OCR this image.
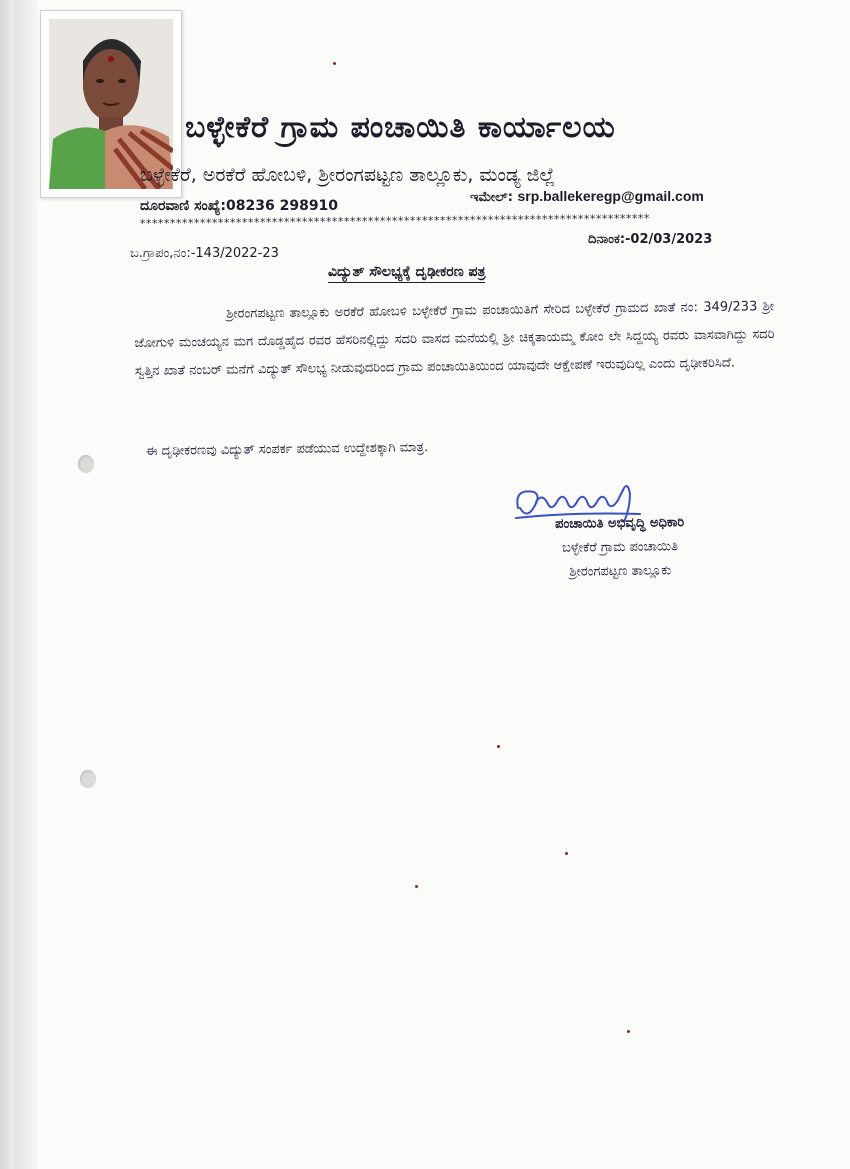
ಬಳ್ಳೇಕೆರೆ ಗ್ರಾಮ ಪಂಚಾಯಿತಿ ಕಾರ್ಯಾಲಯ
ಬಳ್ಳೇಕೆರೆ, ಅರಕೆರೆ ಹೋಬಳಿ, ಶ್ರೀರಂಗಪಟ್ಟಣ ತಾಲ್ಲೂಕು, ಮಂಡ್ಯ ಜಿಲ್ಲೆ
ದೂರವಾಣಿ ಸಂಖ್ಯೆ:08236 298910
ಇಮೇಲ್: srp.ballekeregp@gmail.com
*************************************************************************************
ದಿನಾಂಕ:-02/03/2023
ಬ.ಗ್ರಾಪಂ,ನಂ:-143/2022-23
ವಿದ್ಯುತ್ ಸೌಲಭ್ಯಕ್ಕೆ ದೃಢೀಕರಣ ಪತ್ರ
ಶ್ರೀರಂಗಪಟ್ಟಣ ತಾಲ್ಲೂಕು ಅರಕೆರೆ ಹೋಬಳಿ ಬಳ್ಳೇಕೆರೆ ಗ್ರಾಮ ಪಂಚಾಯಿತಿಗೆ ಸೇರಿದ ಬಳ್ಳೇಕೆರೆ ಗ್ರಾಮದ ಖಾತೆ ನಂ: 349/233 ಶ್ರೀ ಜೋಗುಳಿ ಮಂಚಯ್ಯನ ಮಗ ದೊಡ್ಡಹೈದ ರವರ ಹೆಸರಿನಲ್ಲಿದ್ದು ಸದರಿ ವಾಸದ ಮನೆಯಲ್ಲಿ ಶ್ರೀ ಚಿಕ್ಕತಾಯಮ್ಮ ಕೋಂ ಲೇ ಸಿದ್ದಯ್ಯ ರವರು ವಾಸವಾಗಿದ್ದು ಸದರಿ ಸ್ವತ್ತಿನ ಖಾತೆ ನಂಬರ್ ಮನೆಗೆ ವಿದ್ಯುತ್ ಸೌಲಭ್ಯ ನೀಡುವುದರಿಂದ ಗ್ರಾಮ ಪಂಚಾಯಿತಿಯಿಂದ ಯಾವುದೇ ಆಕ್ಷೇಪಣೆ ಇರುವುದಿಲ್ಲ ಎಂದು ದೃಢೀಕರಿಸಿದೆ.
ಈ ದೃಢೀಕರಣವು ವಿದ್ಯುತ್ ಸಂಪರ್ಕ ಪಡೆಯುವ ಉದ್ದೇಶಕ್ಕಾಗಿ ಮಾತ್ರ.
ಪಂಚಾಯಿತಿ ಅಭಿವೃದ್ಧಿ ಅಧಿಕಾರಿ
ಬಳ್ಳೇಕೆರೆ ಗ್ರಾಮ ಪಂಚಾಯಿತಿ
ಶ್ರೀರಂಗಪಟ್ಟಣ ತಾಲ್ಲೂಕು
